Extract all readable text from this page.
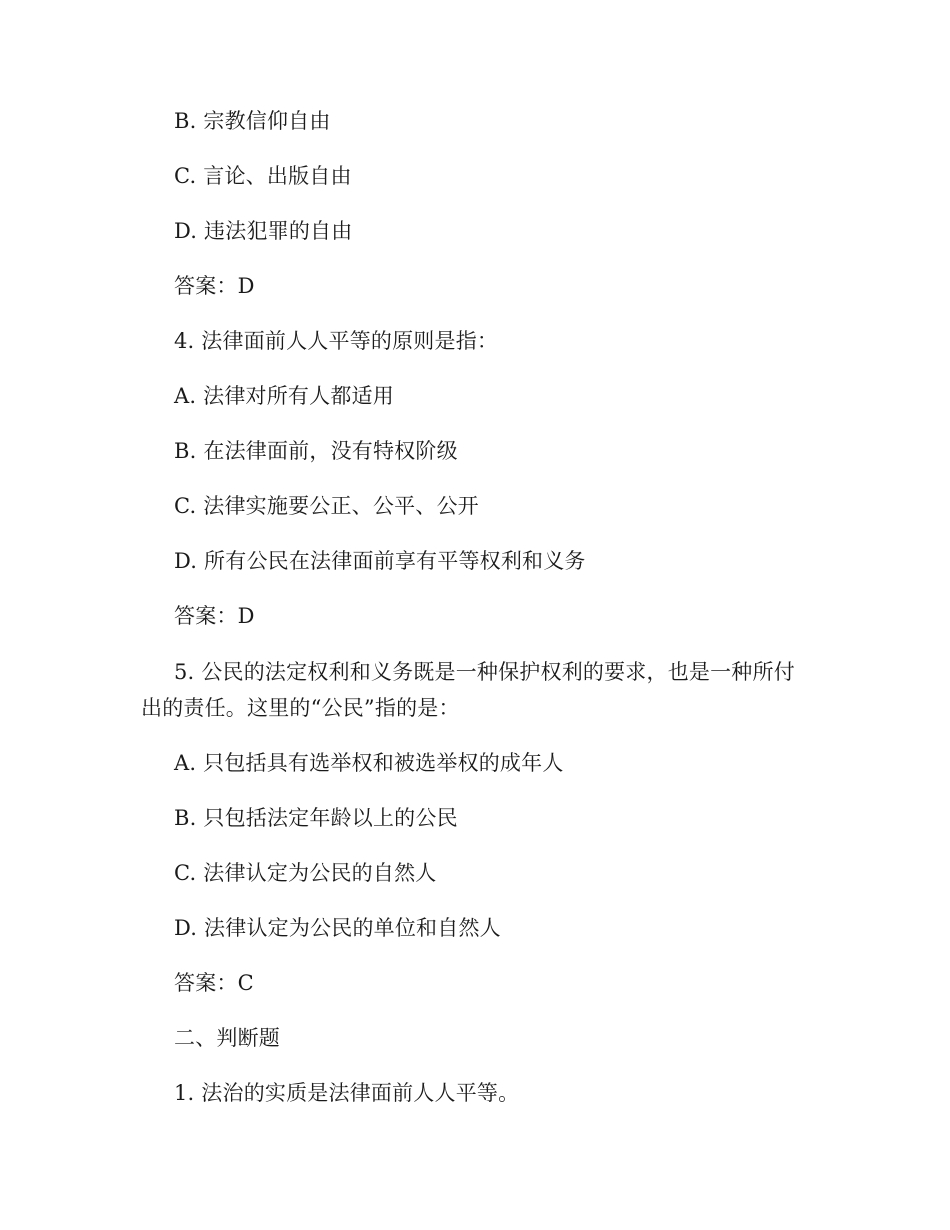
B. 宗教信仰自由

C. 言论、出版自由

D. 违法犯罪的自由

答案：D

4. 法律面前人人平等的原则是指：

A. 法律对所有人都适用

B. 在法律面前，没有特权阶级

C. 法律实施要公正、公平、公开

D. 所有公民在法律面前享有平等权利和义务

答案：D

5. 公民的法定权利和义务既是一种保护权利的要求，也是一种所付出的责任。这里的“公民”指的是：

A. 只包括具有选举权和被选举权的成年人

B. 只包括法定年龄以上的公民

C. 法律认定为公民的自然人

D. 法律认定为公民的单位和自然人

答案：C

二、判断题

1. 法治的实质是法律面前人人平等。
